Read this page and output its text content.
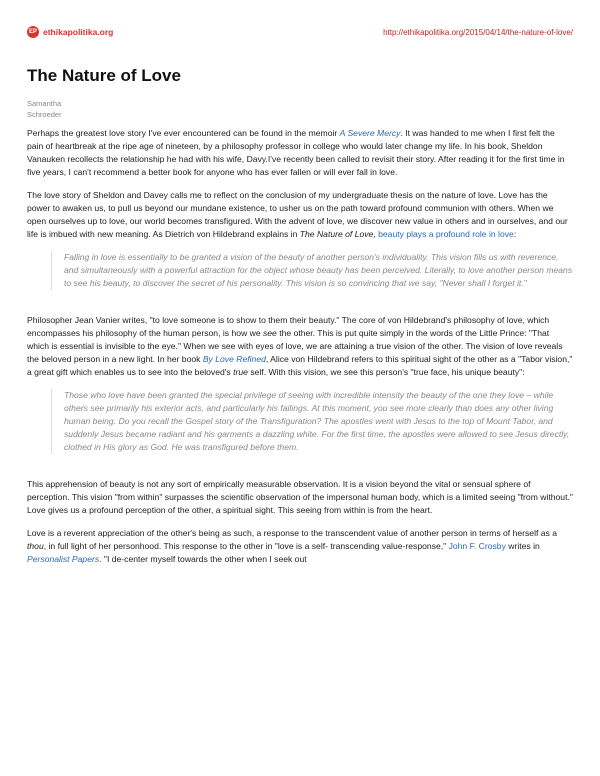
EP ethikapolitika.org	http://ethikapolitika.org/2015/04/14/the-nature-of-love/
The Nature of Love
Samantha
Schroeder

Perhaps the greatest love story I've ever encountered can be found in the memoir A Severe Mercy. It was handed to me when I first felt the pain of heartbreak at the ripe age of nineteen, by a philosophy professor in college who would later change my life. In his book, Sheldon Vanauken recollects the relationship he had with his wife, Davy.I've recently been called to revisit their story. After reading it for the first time in five years, I can't recommend a better book for anyone who has ever fallen or will ever fall in love.

The love story of Sheldon and Davey calls me to reflect on the conclusion of my undergraduate thesis on the nature of love. Love has the power to awaken us, to pull us beyond our mundane existence, to usher us on the path toward profound communion with others. When we open ourselves up to love, our world becomes transfigured. With the advent of love, we discover new value in others and in ourselves, and our life is imbued with new meaning. As Dietrich von Hildebrand explains in The Nature of Love, beauty plays a profound role in love:

Falling in love is essentially to be granted a vision of the beauty of another person's individuality. This vision fills us with reverence, and simultaneously with a powerful attraction for the object whose beauty has been perceived. Literally, to love another person means to see his beauty, to discover the secret of his personality. This vision is so convincing that we say, "Never shall I forget it."

Philosopher Jean Vanier writes, "to love someone is to show to them their beauty." The core of von Hildebrand's philosophy of love, which encompasses his philosophy of the human person, is how we see the other. This is put quite simply in the words of the Little Prince: "That which is essential is invisible to the eye." When we see with eyes of love, we are attaining a true vision of the other. The vision of love reveals the beloved person in a new light. In her book By Love Refined, Alice von Hildebrand refers to this spiritual sight of the other as a "Tabor vision," a great gift which enables us to see into the beloved's true self. With this vision, we see this person's "true face, his unique beauty":

Those who love have been granted the special privilege of seeing with incredible intensity the beauty of the one they love – while others see primarily his exterior acts, and particularly his failings. At this moment, you see more clearly than does any other living human being. Do you recall the Gospel story of the Transfiguration? The apostles went with Jesus to the top of Mount Tabor, and suddenly Jesus became radiant and his garments a dazzling white. For the first time, the apostles were allowed to see Jesus directly, clothed in His glory as God. He was transfigured before them.

This apprehension of beauty is not any sort of empirically measurable observation. It is a vision beyond the vital or sensual sphere of perception. This vision "from within" surpasses the scientific observation of the impersonal human body, which is a limited seeing "from without." Love gives us a profound perception of the other, a spiritual sight. This seeing from within is from the heart.

Love is a reverent appreciation of the other's being as such, a response to the transcendent value of another person in terms of herself as a thou, in full light of her personhood. This response to the other in "love is a self- transcending value-response," John F. Crosby writes in Personalist Papers. "I de-center myself towards the other when I seek out
